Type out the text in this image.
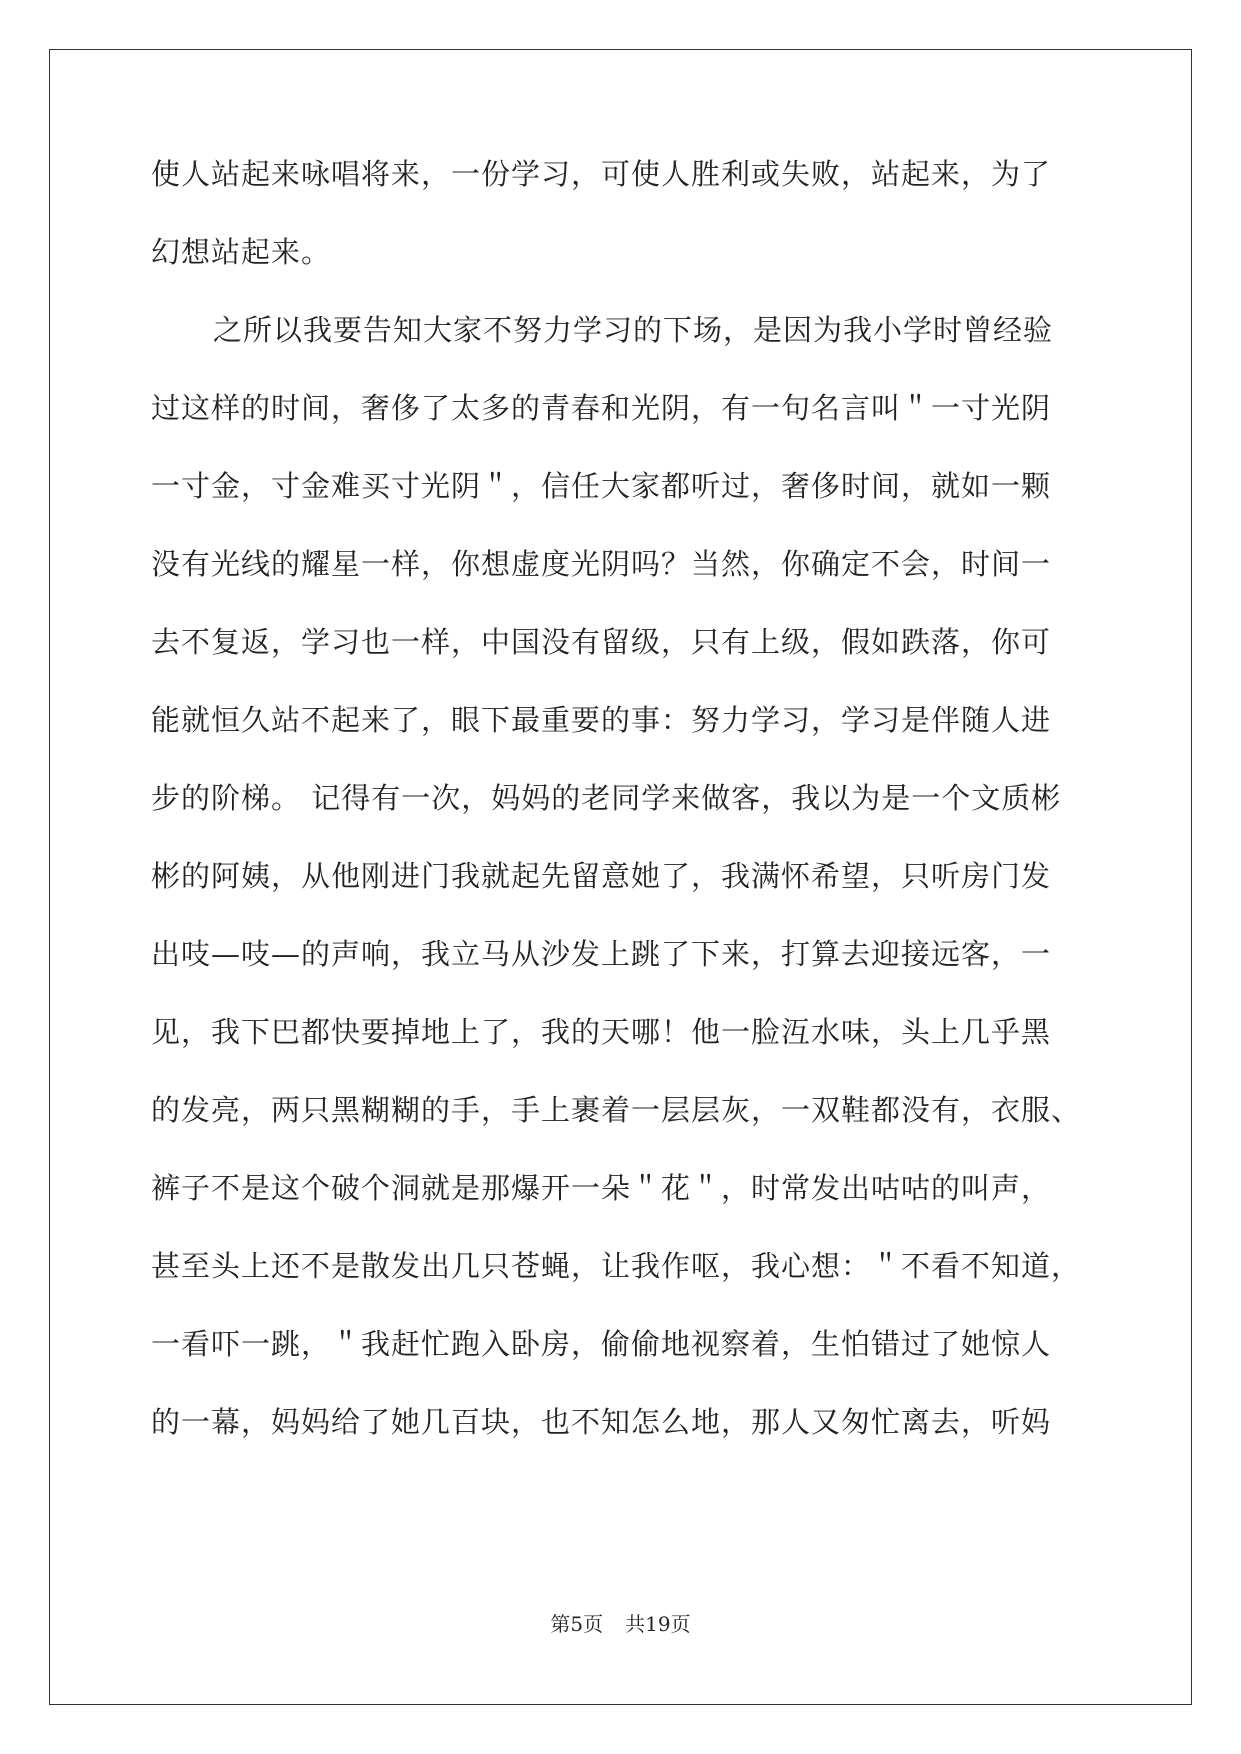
使人站起来咏唱将来，一份学习，可使人胜利或失败，站起来，为了
幻想站起来。
之所以我要告知大家不努力学习的下场，是因为我小学时曾经验
过这样的时间，奢侈了太多的青春和光阴，有一句名言叫＂一寸光阴
一寸金，寸金难买寸光阴＂，信任大家都听过，奢侈时间，就如一颗
没有光线的耀星一样，你想虚度光阴吗？当然，你确定不会，时间一
去不复返，学习也一样，中国没有留级，只有上级，假如跌落，你可
能就恒久站不起来了，眼下最重要的事：努力学习，学习是伴随人进
步的阶梯。 记得有一次，妈妈的老同学来做客，我以为是一个文质彬
彬的阿姨，从他刚进门我就起先留意她了，我满怀希望，只听房门发
出吱—吱—的声响，我立马从沙发上跳了下来，打算去迎接远客，一
见，我下巴都快要掉地上了，我的天哪！他一脸沍水味，头上几乎黑
的发亮，两只黑糊糊的手，手上裹着一层层灰，一双鞋都没有，衣服、
裤子不是这个破个洞就是那爆开一朵＂花＂，时常发出咕咕的叫声，
甚至头上还不是散发出几只苍蝇，让我作呕，我心想：＂不看不知道，
一看吓一跳，＂我赶忙跑入卧房，偷偷地视察着，生怕错过了她惊人
的一幕，妈妈给了她几百块，也不知怎么地，那人又匆忙离去，听妈
第5页 共19页
